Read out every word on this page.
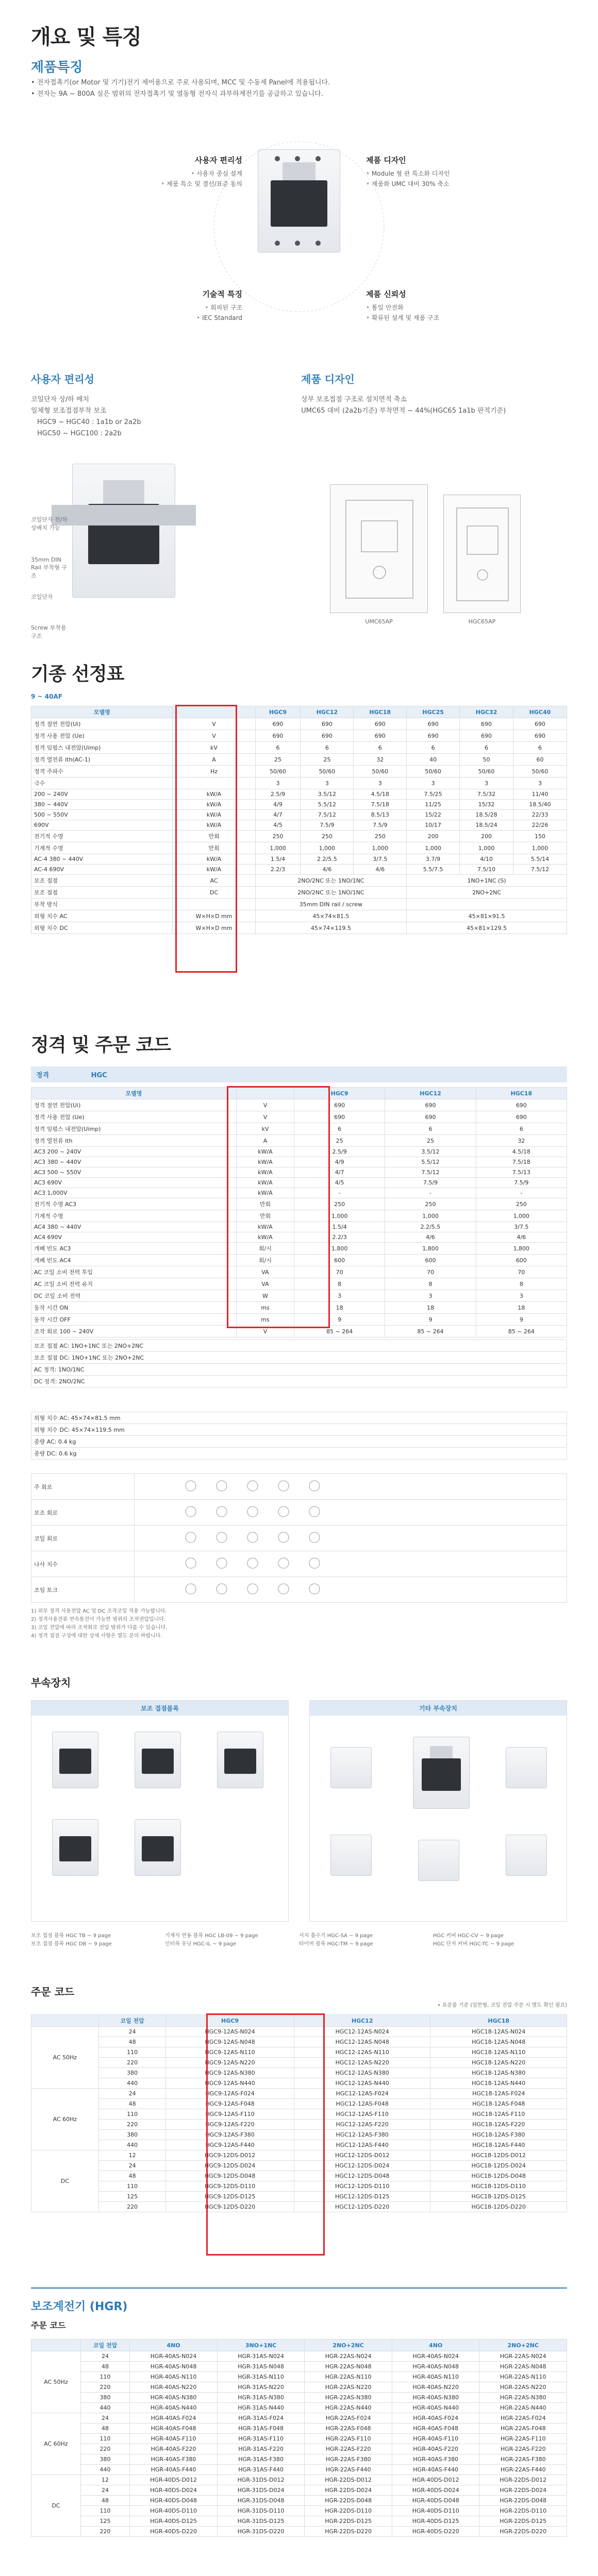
개요 및 특징
제품특징
• 전자접촉기(or Motor 및 기기)전기 제어용으로 주로 사용되며, MCC 및 수동제 Panel에 적용됩니다.
• 전자는 9A ~ 800A 실은 범위의 전자접촉기 및 열동형 전자식 과부하계전기를 공급하고 있습니다.
사용자 편리성
• 사용자 중심 설계
• 제품 특소 및 결선/표준 동의
제품 디자인
• Module 형 판 특소화 디자인
• 제품화 UMC 대비 30% 축소
기술적 특징
• 회피된 구조
• IEC Standard
제품 신뢰성
• 통일 안전화
• 확류된 설계 및 제품 구조
사용자 편리성	제품 디자인
코일단자 상/하 배치
일체형 보조접점부착 보조
HGC9 ~ HGC40 : 1a1b or 2a2b
HGC50 ~ HGC100 : 2a2b

상부 보조접점 구조로 설치면적 축소
UMC65 대비 (2a2b기준) 부착면적 ~ 44%(HGC65 1a1b 판적기준)
코일단자 전/하 상배치 가능
35mm DIN Rail 부착형 구조
코일단자
Screw 부착용 구조
UMC65AP	HGC65AP
기종 선정표
9 ~ 40AF
모델명		HGC9	HGC12	HGC18	HGC25	HGC32	HGC40
정격 절연 전압(Ui)	V	690	690	690	690	690	690
정격 사용 전압 (Ue)	V	690	690	690	690	690	690
정격 임펄스 내전압(Uimp)	kV	6	6	6	6	6	6
정격 열전류 ith(AC-1)	A	25	25	32	40	50	60
정격 주파수	Hz	50/60	50/60	50/60	50/60	50/60	50/60
극수		3	3	3	3	3	3
200 ~ 240V	kW/A	2.5/9	3.5/12	4.5/18	7.5/25	7.5/32	11/40
380 ~ 440V	kW/A	4/9	5.5/12	7.5/18	11/25	15/32	18.5/40
500 ~ 550V	kW/A	4/7	7.5/12	8.5/13	15/22	18.5/28	22/33
690V	kW/A	4/5	7.5/9	7.5/9	10/17	18.5/24	22/26
전기적 수명	만회	250	250	250	200	200	150
기계적 수명	만회	1,000	1,000	1,000	1,000	1,000	1,000
AC-4 380 ~ 440V	kW/A	1.5/4	2.2/5.5	3/7.5	3.7/9	4/10	5.5/14
AC-4 690V	kW/A	2.2/3	4/6	4/6	5.5/7.5	7.5/10	7.5/12
보조 접점	AC	2NO/2NC 또는 1NO/1NC			1NO+1NC (S)		
보조 접점	DC	2NO/2NC 또는 1NO/1NC			2NO+2NC		
부착 방식		35mm DIN rail / screw					
외형 치수 AC	W×H×D mm	45×74×81.5			45×81×91.5		
외형 치수 DC	W×H×D mm	45×74×119.5			45×81×129.5		
정격 및 주문 코드
정격	HGC
모델명		HGC9	HGC12	HGC18
정격 절연 전압(Ui)	V	690	690	690
정격 사용 전압 (Ue)	V	690	690	690
정격 임펄스 내전압(Uimp)	kV	6	6	6
정격 열전류 ith	A	25	25	32
AC3 200 ~ 240V	kW/A	2.5/9	3.5/12	4.5/18
AC3 380 ~ 440V	kW/A	4/9	5.5/12	7.5/18
AC3 500 ~ 550V	kW/A	4/7	7.5/12	7.5/13
AC3 690V	kW/A	4/5	7.5/9	7.5/9
AC3 1,000V	kW/A	-	-	-
전기적 수명 AC3	만회	250	250	250
기계적 수명	만회	1,000	1,000	1,000
AC4 380 ~ 440V	kW/A	1.5/4	2.2/5.5	3/7.5
AC4 690V	kW/A	2.2/3	4/6	4/6
개폐 빈도 AC3	회/시	1,800	1,800	1,800
개폐 빈도 AC4	회/시	600	600	600
AC 코일 소비 전력 투입	VA	70	70	70
AC 코일 소비 전력 유지	VA	8	8	8
DC 코일 소비 전력	W	3	3	3
동작 시간 ON	ms	18	18	18
동작 시간 OFF	ms	9	9	9
조작 회로 100 ~ 240V	V	85 ~ 264	85 ~ 264	85 ~ 264
보조 접점 AC: 1NO+1NC 또는 2NO+2NC
보조 접점 DC: 1NO+1NC 또는 2NO+2NC
AC 정격: 1NO/1NC
DC 정격: 2NO/2NC
외형 치수 AC: 45×74×81.5 mm
외형 치수 DC: 45×74×119.5 mm
중량 AC: 0.4 kg
중량 DC: 0.6 kg
주 회로	
보조 회로	
코일 회로	
나사 치수	
조임 토크	
1) 외부 정격 사용전압 AC 및 DC 조작코일 적용 가능합니다.
2) 정격사용전류 연속통전이 가능한 범위의 조작전압입니다.
3) 코일 전압에 따라 조작회로 전압 범위가 다를 수 있습니다.
4) 정격 접점 구성에 대한 상세 사항은 별도 문의 바랍니다.
부속장치
보조 접점블록	기타 부속장치
보조 접점 블록 HGC TB ~ 9 page	기계식 연동 블록 HGC LB-09 ~ 9 page	서지 흡수기 HGC-SA ~ 9 page	HGC 커버 HGC-CV ~ 9 page
보조 접점 블록 HGC DB ~ 9 page	인터록 유닛 HGC-IL ~ 9 page	타이머 블록 HGC-TM ~ 9 page	HGC 단자 커버 HGC-TC ~ 9 page
주문 코드
• 표준품 기준 (일반형, 코일 전압 주문 시 별도 확인 필요)
	코일 전압	HGC9	HGC12	HGC18
AC 50Hz	24	HGC9-12AS-N024	HGC12-12AS-N024	HGC18-12AS-N024
	48	HGC9-12AS-N048	HGC12-12AS-N048	HGC18-12AS-N048
	110	HGC9-12AS-N110	HGC12-12AS-N110	HGC18-12AS-N110
	220	HGC9-12AS-N220	HGC12-12AS-N220	HGC18-12AS-N220
	380	HGC9-12AS-N380	HGC12-12AS-N380	HGC18-12AS-N380
	440	HGC9-12AS-N440	HGC12-12AS-N440	HGC18-12AS-N440
AC 60Hz	24	HGC9-12AS-F024	HGC12-12AS-F024	HGC18-12AS-F024
	48	HGC9-12AS-F048	HGC12-12AS-F048	HGC18-12AS-F048
	110	HGC9-12AS-F110	HGC12-12AS-F110	HGC18-12AS-F110
	220	HGC9-12AS-F220	HGC12-12AS-F220	HGC18-12AS-F220
	380	HGC9-12AS-F380	HGC12-12AS-F380	HGC18-12AS-F380
	440	HGC9-12AS-F440	HGC12-12AS-F440	HGC18-12AS-F440
DC	12	HGC9-12DS-D012	HGC12-12DS-D012	HGC18-12DS-D012
	24	HGC9-12DS-D024	HGC12-12DS-D024	HGC18-12DS-D024
	48	HGC9-12DS-D048	HGC12-12DS-D048	HGC18-12DS-D048
	110	HGC9-12DS-D110	HGC12-12DS-D110	HGC18-12DS-D110
	125	HGC9-12DS-D125	HGC12-12DS-D125	HGC18-12DS-D125
	220	HGC9-12DS-D220	HGC12-12DS-D220	HGC18-12DS-D220
보조계전기 (HGR)
주문 코드
	코일 전압	4NO	3NO+1NC	2NO+2NC	4NO	2NO+2NC
AC 50Hz	24	HGR-40AS-N024	HGR-31AS-N024	HGR-22AS-N024	HGR-40AS-N024	HGR-22AS-N024
	48	HGR-40AS-N048	HGR-31AS-N048	HGR-22AS-N048	HGR-40AS-N048	HGR-22AS-N048
	110	HGR-40AS-N110	HGR-31AS-N110	HGR-22AS-N110	HGR-40AS-N110	HGR-22AS-N110
	220	HGR-40AS-N220	HGR-31AS-N220	HGR-22AS-N220	HGR-40AS-N220	HGR-22AS-N220
	380	HGR-40AS-N380	HGR-31AS-N380	HGR-22AS-N380	HGR-40AS-N380	HGR-22AS-N380
	440	HGR-40AS-N440	HGR-31AS-N440	HGR-22AS-N440	HGR-40AS-N440	HGR-22AS-N440
AC 60Hz	24	HGR-40AS-F024	HGR-31AS-F024	HGR-22AS-F024	HGR-40AS-F024	HGR-22AS-F024
	48	HGR-40AS-F048	HGR-31AS-F048	HGR-22AS-F048	HGR-40AS-F048	HGR-22AS-F048
	110	HGR-40AS-F110	HGR-31AS-F110	HGR-22AS-F110	HGR-40AS-F110	HGR-22AS-F110
	220	HGR-40AS-F220	HGR-31AS-F220	HGR-22AS-F220	HGR-40AS-F220	HGR-22AS-F220
	380	HGR-40AS-F380	HGR-31AS-F380	HGR-22AS-F380	HGR-40AS-F380	HGR-22AS-F380
	440	HGR-40AS-F440	HGR-31AS-F440	HGR-22AS-F440	HGR-40AS-F440	HGR-22AS-F440
DC	12	HGR-40DS-D012	HGR-31DS-D012	HGR-22DS-D012	HGR-40DS-D012	HGR-22DS-D012
	24	HGR-40DS-D024	HGR-31DS-D024	HGR-22DS-D024	HGR-40DS-D024	HGR-22DS-D024
	48	HGR-40DS-D048	HGR-31DS-D048	HGR-22DS-D048	HGR-40DS-D048	HGR-22DS-D048
	110	HGR-40DS-D110	HGR-31DS-D110	HGR-22DS-D110	HGR-40DS-D110	HGR-22DS-D110
	125	HGR-40DS-D125	HGR-31DS-D125	HGR-22DS-D125	HGR-40DS-D125	HGR-22DS-D125
	220	HGR-40DS-D220	HGR-31DS-D220	HGR-22DS-D220	HGR-40DS-D220	HGR-22DS-D220
